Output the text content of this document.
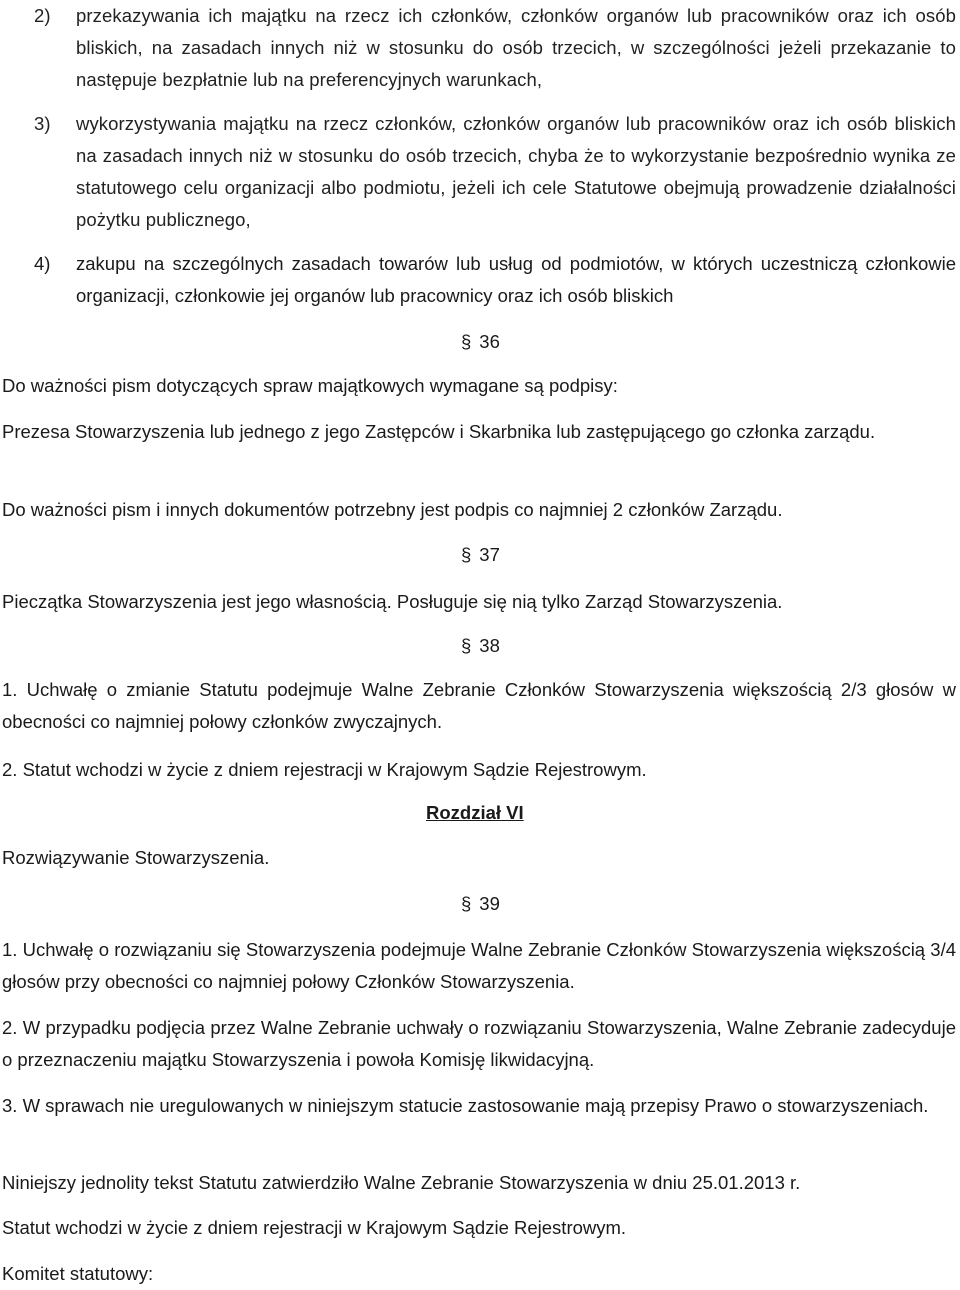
2) przekazywania ich majątku na rzecz ich członków, członków organów lub pracowników oraz ich osób bliskich, na zasadach innych niż w stosunku do osób trzecich, w szczególności jeżeli przekazanie to następuje bezpłatnie lub na preferencyjnych warunkach,
3) wykorzystywania majątku na rzecz członków, członków organów lub pracowników oraz ich osób bliskich na zasadach innych niż w stosunku do osób trzecich, chyba że to wykorzystanie bezpośrednio wynika ze statutowego celu organizacji albo podmiotu, jeżeli ich cele Statutowe obejmują prowadzenie działalności pożytku publicznego,
4) zakupu na szczególnych zasadach towarów lub usług od podmiotów, w których uczestniczą członkowie organizacji, członkowie jej organów lub pracownicy oraz ich osób bliskich

§ 36

Do ważności pism dotyczących spraw majątkowych wymagane są podpisy:

Prezesa Stowarzyszenia lub jednego z jego Zastępców i Skarbnika lub zastępującego go członka zarządu.

Do ważności pism i innych dokumentów potrzebny jest podpis co najmniej 2 członków Zarządu.

§ 37

Pieczątka Stowarzyszenia jest jego własnością. Posługuje się nią tylko Zarząd Stowarzyszenia.

§ 38

1. Uchwałę o zmianie Statutu podejmuje Walne Zebranie Członków Stowarzyszenia większością 2/3 głosów w obecności co najmniej połowy członków zwyczajnych.

2. Statut wchodzi w życie z dniem rejestracji w Krajowym Sądzie Rejestrowym.

Rozdział VI

Rozwiązywanie Stowarzyszenia.

§ 39

1. Uchwałę o rozwiązaniu się Stowarzyszenia podejmuje Walne Zebranie Członków Stowarzyszenia większością 3/4 głosów przy obecności co najmniej połowy Członków Stowarzyszenia.

2. W przypadku podjęcia przez Walne Zebranie uchwały o rozwiązaniu Stowarzyszenia, Walne Zebranie zadecyduje o przeznaczeniu majątku Stowarzyszenia i powoła Komisję likwidacyjną.

3. W sprawach nie uregulowanych w niniejszym statucie zastosowanie mają przepisy Prawo o stowarzyszeniach.

Niniejszy jednolity tekst Statutu zatwierdziło Walne Zebranie Stowarzyszenia w dniu 25.01.2013 r.

Statut wchodzi w życie z dniem rejestracji w Krajowym Sądzie Rejestrowym.

Komitet statutowy:
